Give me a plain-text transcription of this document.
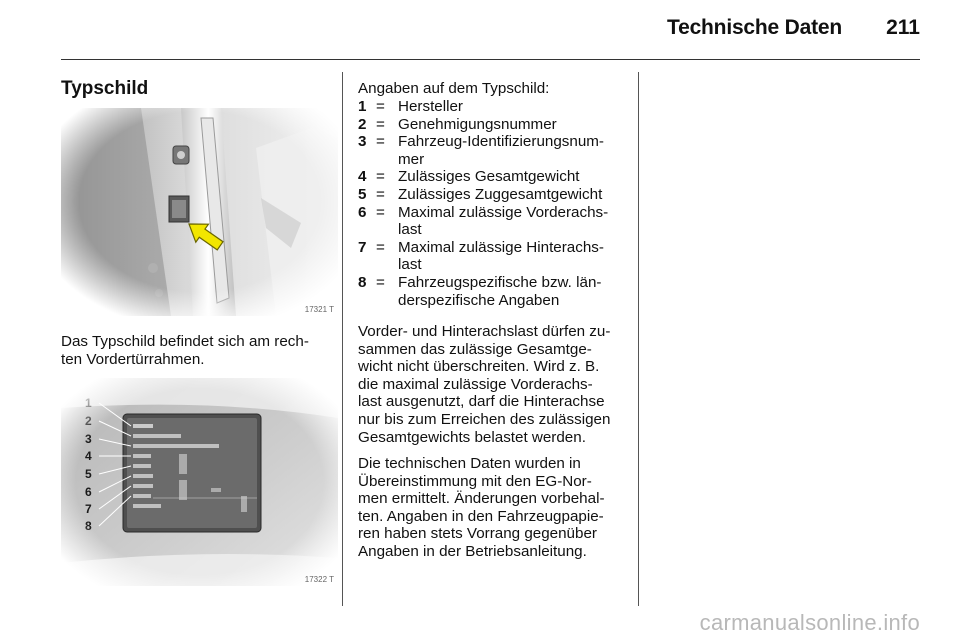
Technische Daten	211
Typschild
17321 T

Das Typschild befindet sich am rech-
ten Vordertürrahmen.

17322 T
Angaben auf dem Typschild:
1 = Hersteller
2 = Genehmigungsnummer
3 = Fahrzeug-Identifizierungsnum-
mer
4 = Zulässiges Gesamtgewicht
5 = Zulässiges Zuggesamtgewicht
6 = Maximal zulässige Vorderachs-
last
7 = Maximal zulässige Hinterachs-
last
8 = Fahrzeugspezifische bzw. län-
derspezifische Angaben

Vorder- und Hinterachslast dürfen zu-
sammen das zulässige Gesamtge-
wicht nicht überschreiten. Wird z. B.
die maximal zulässige Vorderachs-
last ausgenutzt, darf die Hinterachse
nur bis zum Erreichen des zulässigen
Gesamtgewichts belastet werden.

Die technischen Daten wurden in
Übereinstimmung mit den EG-Nor-
men ermittelt. Änderungen vorbehal-
ten. Angaben in den Fahrzeugpapie-
ren haben stets Vorrang gegenüber
Angaben in der Betriebsanleitung.

carmanualsonline.info
